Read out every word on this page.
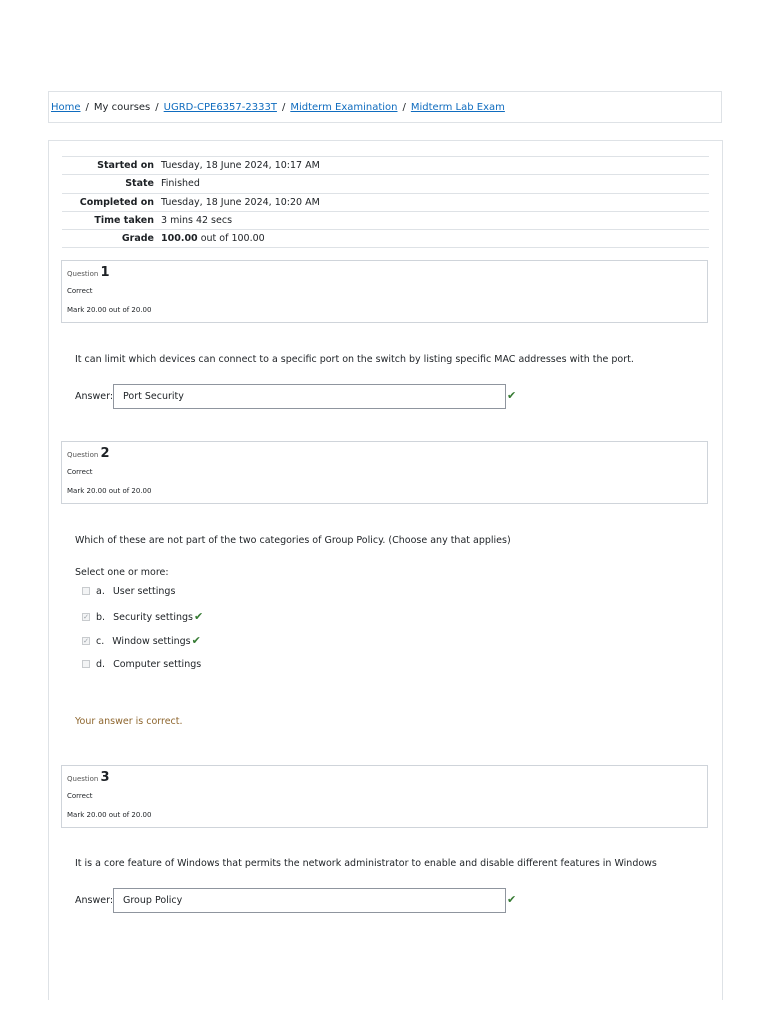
Home / My courses / UGRD-CPE6357-2333T / Midterm Examination / Midterm Lab Exam
Started on	Tuesday, 18 June 2024, 10:17 AM
State	Finished
Completed on	Tuesday, 18 June 2024, 10:20 AM
Time taken	3 mins 42 secs
Grade	100.00 out of 100.00
Question 1
Correct
Mark 20.00 out of 20.00
It can limit which devices can connect to a specific port on the switch by listing specific MAC addresses with the port.
Answer:	Port Security	✔
Question 2
Correct
Mark 20.00 out of 20.00
Which of these are not part of the two categories of Group Policy. (Choose any that applies)
Select one or more:
a. User settings
✓ b. Security settings✔
✓ c. Window settings✔
d. Computer settings
Your answer is correct.
Question 3
Correct
Mark 20.00 out of 20.00
It is a core feature of Windows that permits the network administrator to enable and disable different features in Windows
Answer:	Group Policy	✔
